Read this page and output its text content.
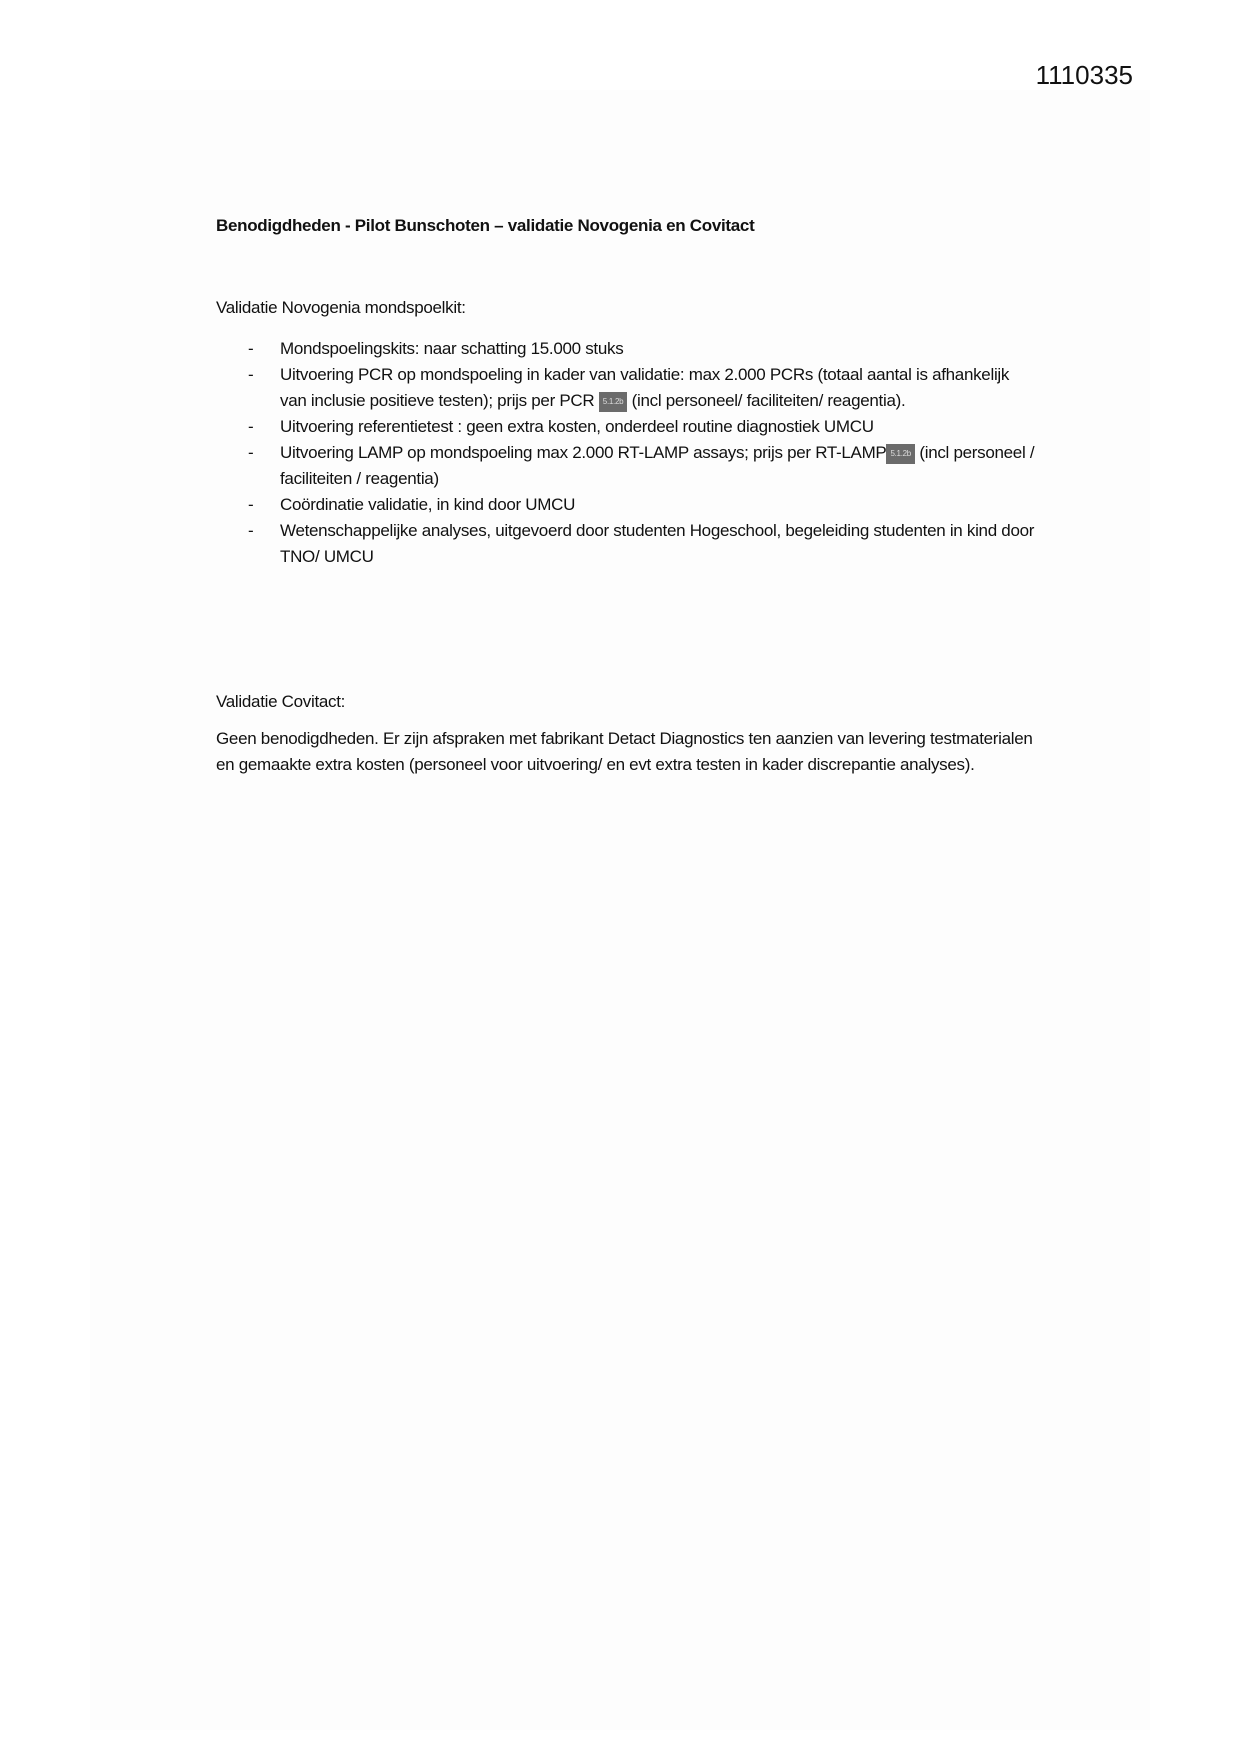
1110335
Benodigdheden - Pilot Bunschoten – validatie Novogenia en Covitact
Validatie Novogenia mondspoelkit:
- Mondspoelingskits: naar schatting 15.000 stuks
- Uitvoering PCR op mondspoeling in kader van validatie: max 2.000 PCRs (totaal aantal is afhankelijk van inclusie positieve testen); prijs per PCR 5.1.2b (incl personeel/ faciliteiten/ reagentia).
- Uitvoering referentietest : geen extra kosten, onderdeel routine diagnostiek UMCU
- Uitvoering LAMP op mondspoeling max 2.000 RT-LAMP assays; prijs per RT-LAMP 5.1.2b (incl personeel / faciliteiten / reagentia)
- Coördinatie validatie, in kind door UMCU
- Wetenschappelijke analyses, uitgevoerd door studenten Hogeschool, begeleiding studenten in kind door TNO/ UMCU
Validatie Covitact:

Geen benodigdheden. Er zijn afspraken met fabrikant Detact Diagnostics ten aanzien van levering testmaterialen en gemaakte extra kosten (personeel voor uitvoering/ en evt extra testen in kader discrepantie analyses).
